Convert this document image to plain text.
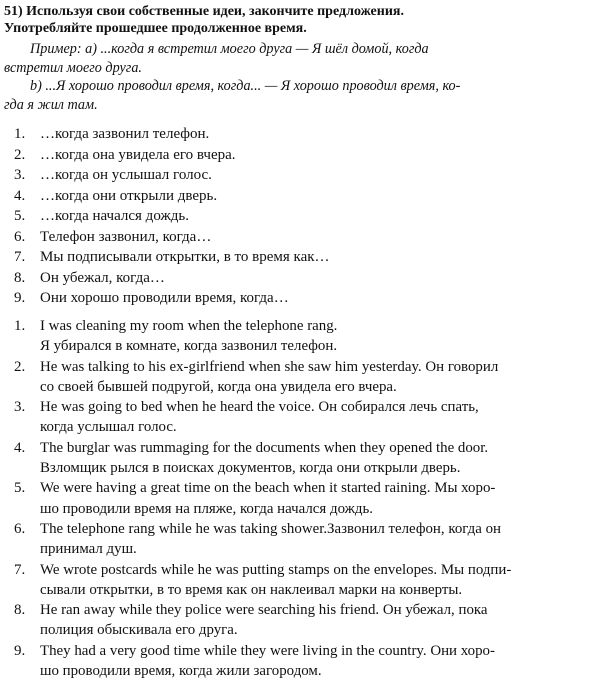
51) Используя свои собственные идеи, закончите предложения.
Употребляйте прошедшее продолженное время.
Пример: a) ...когда я встретил моего друга — Я шёл домой, когда
встретил моего друга.
b) ...Я хорошо проводил время, когда... — Я хорошо проводил время, ко-
гда я жил там.
1. …когда зазвонил телефон.
2. …когда она увидела его вчера.
3. …когда он услышал голос.
4. …когда они открыли дверь.
5. …когда начался дождь.
6. Телефон зазвонил, когда…
7. Мы подписывали открытки, в то время как…
8. Он убежал, когда…
9. Они хорошо проводили время, когда…
1. I was cleaning my room when the telephone rang.
Я убирался в комнате, когда зазвонил телефон.
2. He was talking to his ex-girlfriend when she saw him yesterday. Он говорил
со своей бывшей подругой, когда она увидела его вчера.
3. He was going to bed when he heard the voice. Он собирался лечь спать,
когда услышал голос.
4. The burglar was rummaging for the documents when they opened the door.
Взломщик рылся в поисках документов, когда они открыли дверь.
5. We were having a great time on the beach when it started raining. Мы хоро-
шо проводили время на пляже, когда начался дождь.
6. The telephone rang while he was taking shower.Зазвонил телефон, когда он
принимал душ.
7. We wrote postcards while he was putting stamps on the envelopes. Мы подпи-
сывали открытки, в то время как он наклеивал марки на конверты.
8. He ran away while they police were searching his friend. Он убежал, пока
полиция обыскивала его друга.
9. They had a very good time while they were living in the country. Они хоро-
шо проводили время, когда жили загородом.
